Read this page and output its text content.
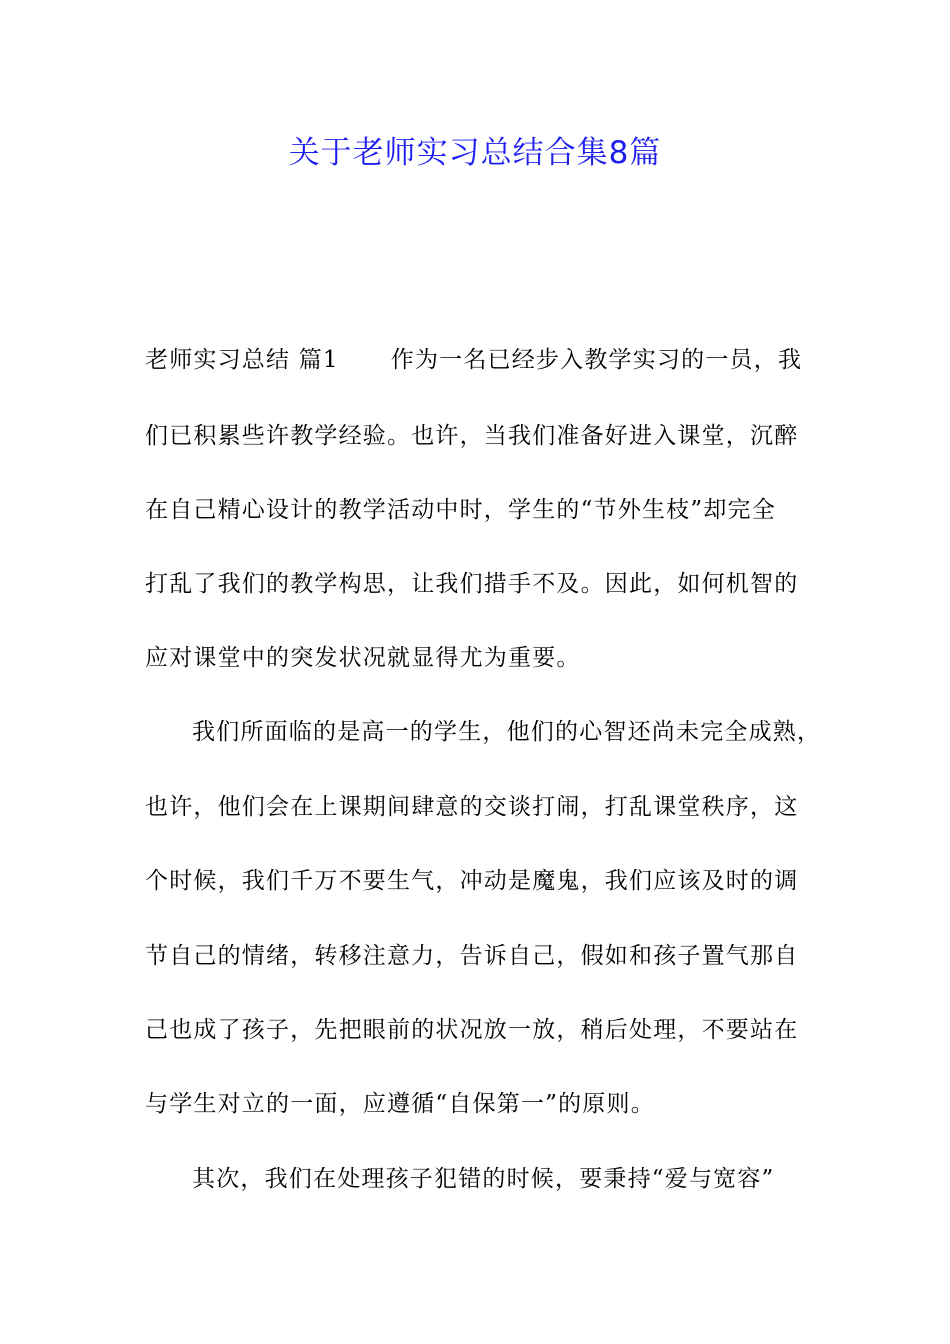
关于老师实习总结合集8篇
老师实习总结 篇1 作为一名已经步入教学实习的一员，我
们已积累些许教学经验。也许，当我们准备好进入课堂，沉醉
在自己精心设计的教学活动中时，学生的“节外生枝”却完全
打乱了我们的教学构思，让我们措手不及。因此，如何机智的
应对课堂中的突发状况就显得尤为重要。
我们所面临的是高一的学生，他们的心智还尚未完全成熟，
也许，他们会在上课期间肆意的交谈打闹，打乱课堂秩序，这
个时候，我们千万不要生气，冲动是魔鬼，我们应该及时的调
节自己的情绪，转移注意力，告诉自己，假如和孩子置气那自
己也成了孩子，先把眼前的状况放一放，稍后处理，不要站在
与学生对立的一面，应遵循“自保第一”的原则。
其次，我们在处理孩子犯错的时候，要秉持“爱与宽容”
